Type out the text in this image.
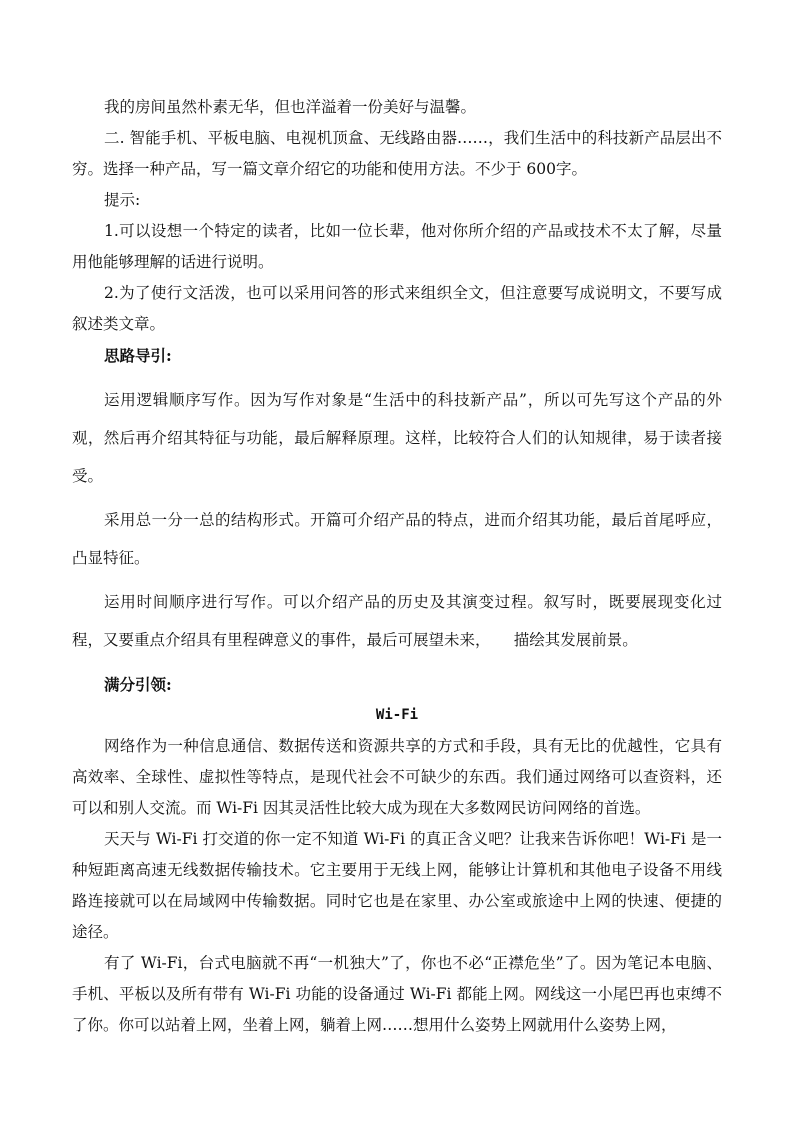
我的房间虽然朴素无华，但也洋溢着一份美好与温馨。

二. 智能手机、平板电脑、电视机顶盒、无线路由器……，我们生活中的科技新产品层出不穷。选择一种产品，写一篇文章介绍它的功能和使用方法。不少于 600字。

提示:

1.可以设想一个特定的读者，比如一位长辈，他对你所介绍的产品或技术不太了解，尽量用他能够理解的话进行说明。

2.为了使行文活泼，也可以采用问答的形式来组织全文，但注意要写成说明文，不要写成叙述类文章。

思路导引:

运用逻辑顺序写作。因为写作对象是“生活中的科技新产品”，所以可先写这个产品的外观，然后再介绍其特征与功能，最后解释原理。这样，比较符合人们的认知规律，易于读者接受。

采用总一分一总的结构形式。开篇可介绍产品的特点，进而介绍其功能，最后首尾呼应，凸显特征。

运用时间顺序进行写作。可以介绍产品的历史及其演变过程。叙写时，既要展现变化过程，又要重点介绍具有里程碑意义的事件，最后可展望未来，　　描绘其发展前景。

满分引领:

Wi-Fi

网络作为一种信息通信、数据传送和资源共享的方式和手段，具有无比的优越性，它具有高效率、全球性、虚拟性等特点，是现代社会不可缺少的东西。我们通过网络可以查资料，还可以和别人交流。而 Wi-Fi 因其灵活性比较大成为现在大多数网民访问网络的首选。

天天与 Wi-Fi 打交道的你一定不知道 Wi-Fi 的真正含义吧？让我来告诉你吧！Wi-Fi 是一种短距离高速无线数据传输技术。它主要用于无线上网，能够让计算机和其他电子设备不用线路连接就可以在局域网中传输数据。同时它也是在家里、办公室或旅途中上网的快速、便捷的途径。

有了 Wi-Fi，台式电脑就不再“一机独大”了，你也不必“正襟危坐”了。因为笔记本电脑、手机、平板以及所有带有 Wi-Fi 功能的设备通过 Wi-Fi 都能上网。网线这一小尾巴再也束缚不了你。你可以站着上网，坐着上网，躺着上网……想用什么姿势上网就用什么姿势上网，
